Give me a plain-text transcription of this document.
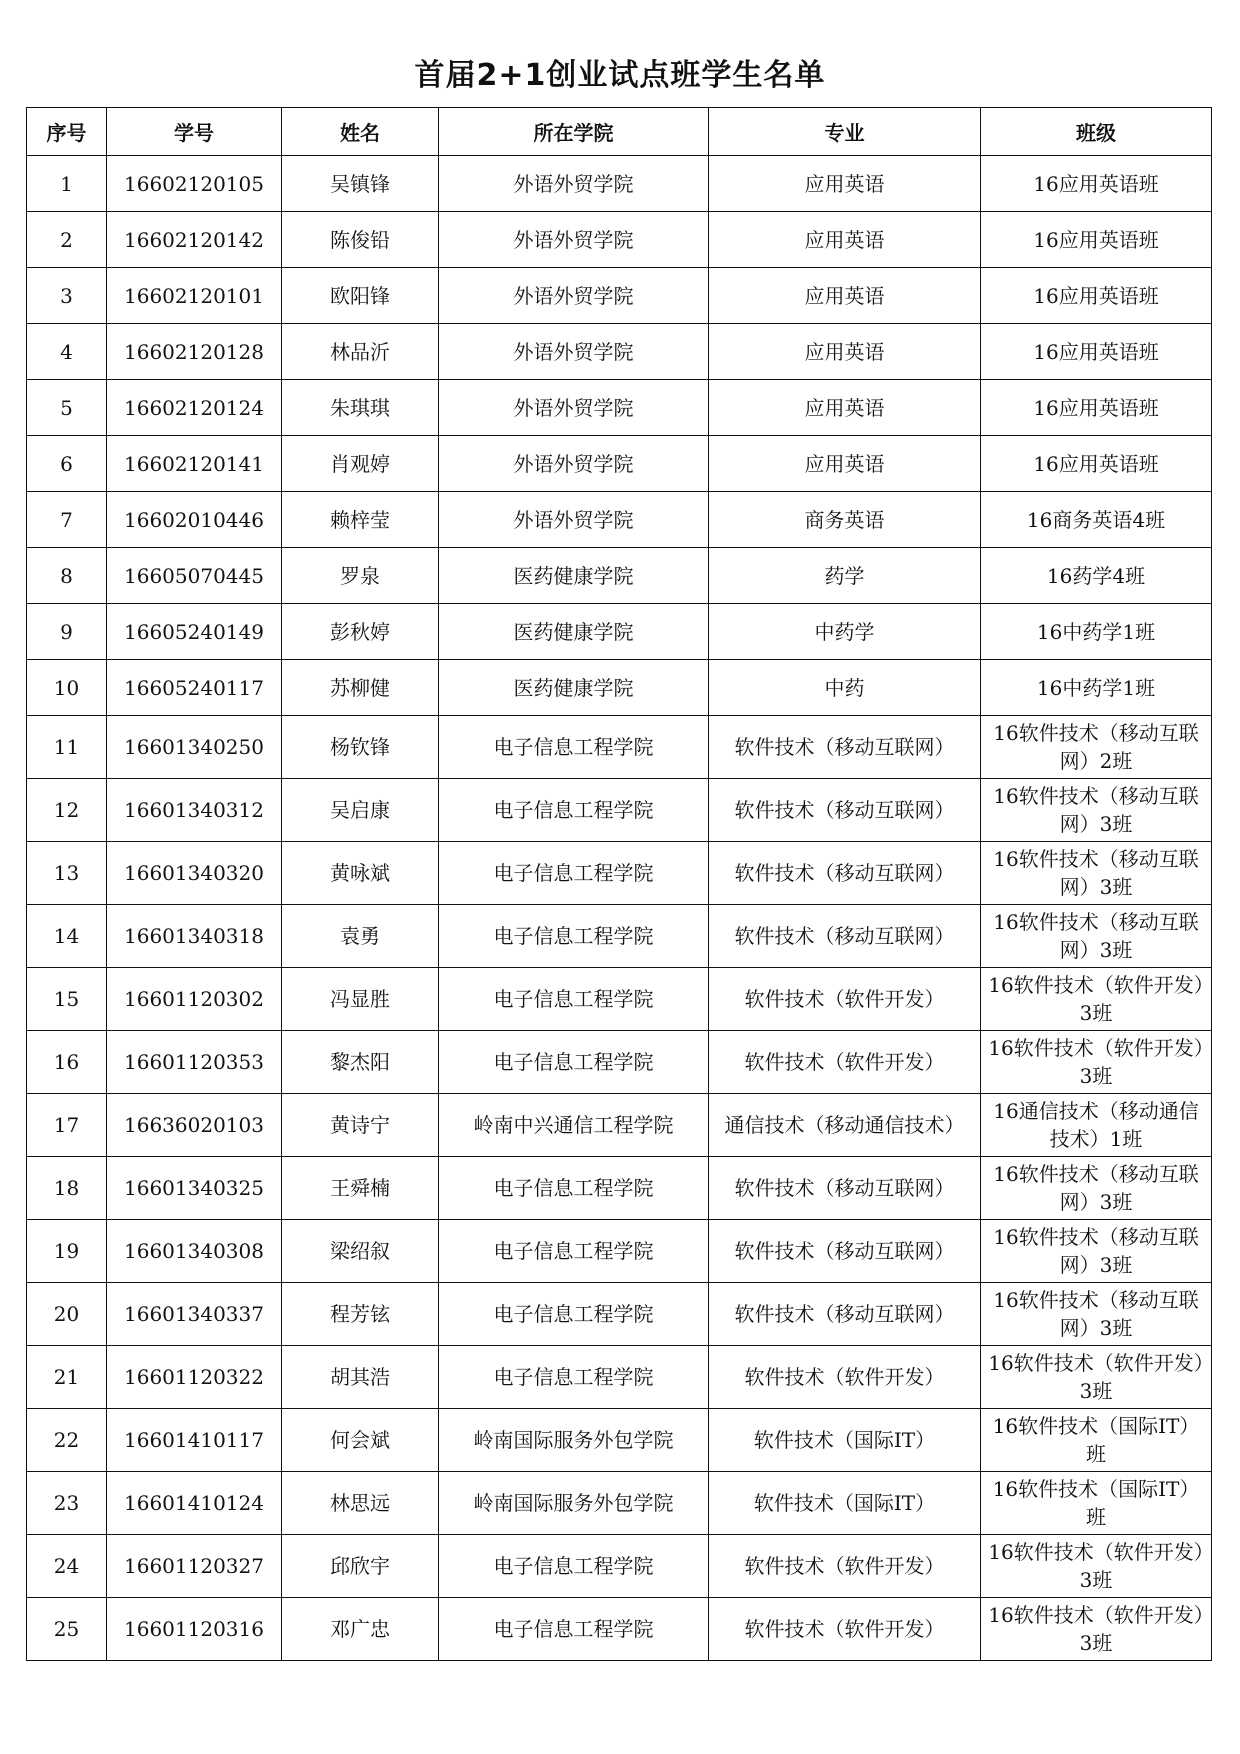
首届2+1创业试点班学生名单
序号	学号	姓名	所在学院	专业	班级
1	16602120105	吴镇锋	外语外贸学院	应用英语	16应用英语班
2	16602120142	陈俊铅	外语外贸学院	应用英语	16应用英语班
3	16602120101	欧阳锋	外语外贸学院	应用英语	16应用英语班
4	16602120128	林品沂	外语外贸学院	应用英语	16应用英语班
5	16602120124	朱琪琪	外语外贸学院	应用英语	16应用英语班
6	16602120141	肖观婷	外语外贸学院	应用英语	16应用英语班
7	16602010446	赖梓莹	外语外贸学院	商务英语	16商务英语4班
8	16605070445	罗泉	医药健康学院	药学	16药学4班
9	16605240149	彭秋婷	医药健康学院	中药学	16中药学1班
10	16605240117	苏柳健	医药健康学院	中药	16中药学1班
11	16601340250	杨钦锋	电子信息工程学院	软件技术（移动互联网）	16软件技术（移动互联网）2班
12	16601340312	吴启康	电子信息工程学院	软件技术（移动互联网）	16软件技术（移动互联网）3班
13	16601340320	黄咏斌	电子信息工程学院	软件技术（移动互联网）	16软件技术（移动互联网）3班
14	16601340318	袁勇	电子信息工程学院	软件技术（移动互联网）	16软件技术（移动互联网）3班
15	16601120302	冯显胜	电子信息工程学院	软件技术（软件开发）	16软件技术（软件开发）3班
16	16601120353	黎杰阳	电子信息工程学院	软件技术（软件开发）	16软件技术（软件开发）3班
17	16636020103	黄诗宁	岭南中兴通信工程学院	通信技术（移动通信技术）	16通信技术（移动通信技术）1班
18	16601340325	王舜楠	电子信息工程学院	软件技术（移动互联网）	16软件技术（移动互联网）3班
19	16601340308	梁绍叙	电子信息工程学院	软件技术（移动互联网）	16软件技术（移动互联网）3班
20	16601340337	程芳铉	电子信息工程学院	软件技术（移动互联网）	16软件技术（移动互联网）3班
21	16601120322	胡其浩	电子信息工程学院	软件技术（软件开发）	16软件技术（软件开发）3班
22	16601410117	何会斌	岭南国际服务外包学院	软件技术（国际IT）	16软件技术（国际IT）班
23	16601410124	林思远	岭南国际服务外包学院	软件技术（国际IT）	16软件技术（国际IT）班
24	16601120327	邱欣宇	电子信息工程学院	软件技术（软件开发）	16软件技术（软件开发）3班
25	16601120316	邓广忠	电子信息工程学院	软件技术（软件开发）	16软件技术（软件开发）3班
